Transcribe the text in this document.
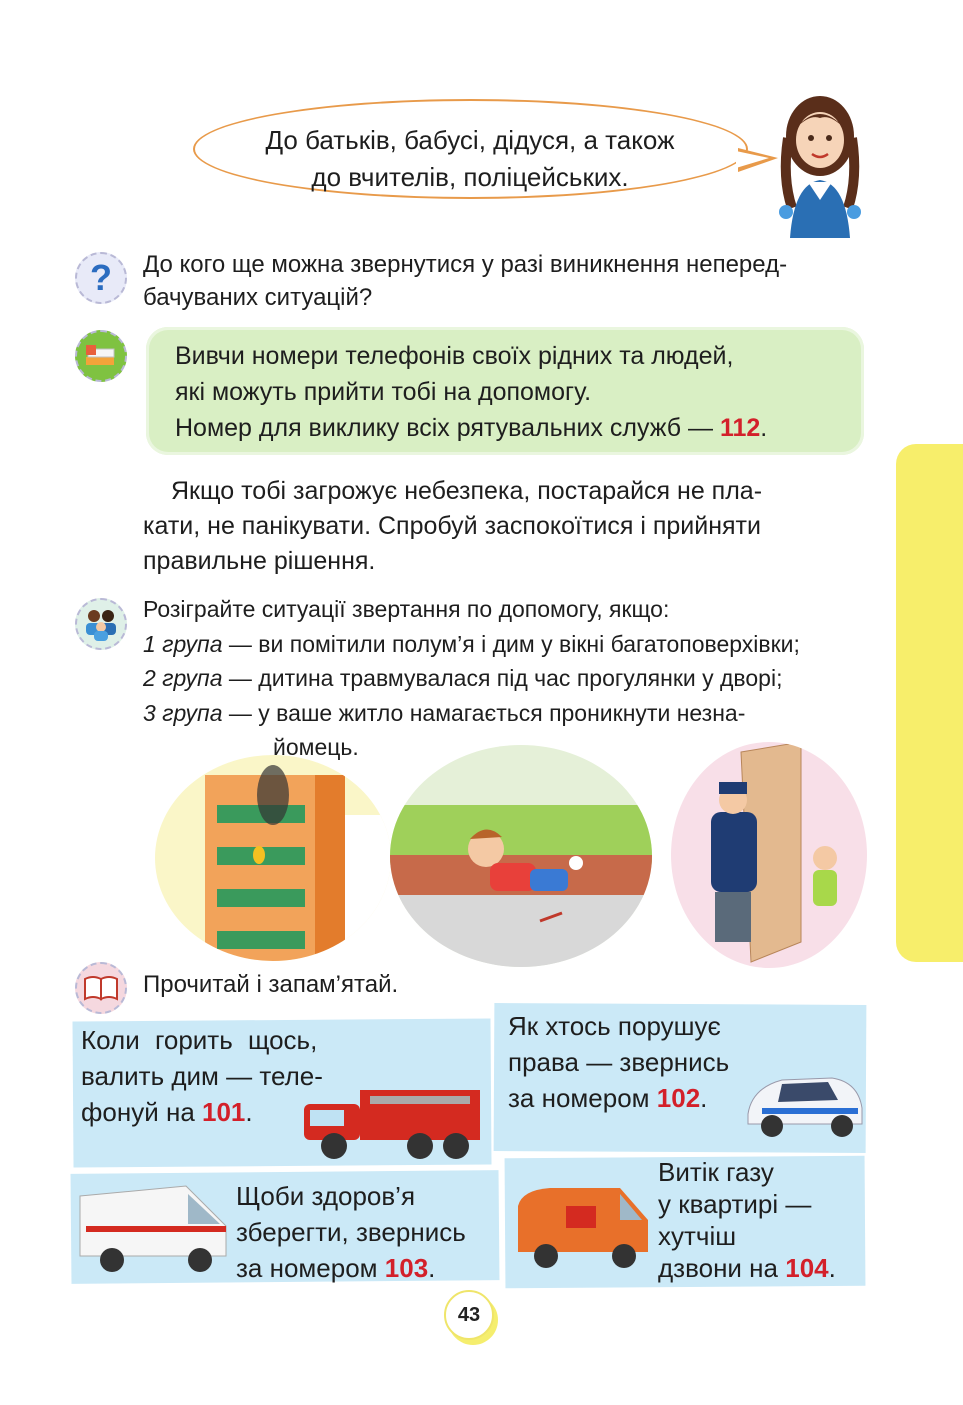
До батьків, бабусі, дідуся, а також
до вчителів, поліцейських.
? До кого ще можна звернутися у разі виникнення неперед-
бачуваних ситуацій?
Вивчи номери телефонів своїх рідних та людей,
які можуть прийти тобі на допомогу.
Номер для виклику всіх рятувальних служб — 112.
Якщо тобі загрожує небезпека, постарайся не пла-
кати, не панікувати. Спробуй заспокоїтися і прийняти
правильне рішення.
Розіграйте ситуації звертання по допомогу, якщо:
1 група — ви помітили полум’я і дим у вікні багатоповерхівки;
2 група — дитина травмувалася під час прогулянки у дворі;
3 група — у ваше житло намагається проникнути незна-
йомець.
Прочитай і запам’ятай.
Коли горить щось,
валить дим — теле-
фонуй на 101.
Як хтось порушує
права — звернись
за номером 102.
Щоби здоров’я
зберегти, звернись
за номером 103.
Витік газу
у квартирі —
хутчіш
дзвони на 104.
43
